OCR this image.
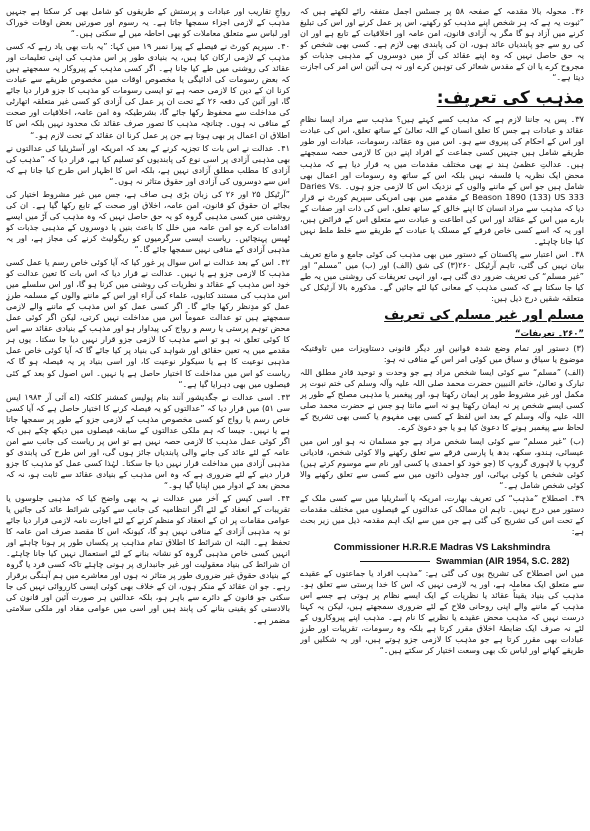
۳۶۔ محولہ بالا مقدمہ کے صفحہ ۵۸ پر جسٹس اجمل متفقہ رائے لکھتے ہیں کہ ”ثبوت یہ ہے کہ ہر شخص اپنے مذہب کو رکھنے، اس پر عمل کرنے اور اس کی تبلیغ کرنے میں آزاد ہو گا مگر یہ آزادی قانون، امن عامہ اور اخلاقیات کے تابع ہے اور ان کی رو سے جو پابندیاں عائد ہوں، ان کی پابندی بھی لازم ہے۔ کسی بھی شخص کو یہ حق حاصل نہیں کہ وہ اپنے عقائد کی آڑ میں دوسروں کے مذہبی جذبات کو مجروح کرے یا ان کے مقدس شعائر کی توہین کرے اور نہ ہی آئین اس امر کی اجازت دیتا ہے۔“

مذہب کی تعریف:

۳۷۔ پس یہ جاننا لازم ہے کہ مذہب کسے کہتے ہیں؟ مذہب سے مراد ایسا نظامِ عقائد و عبادات ہے جس کا تعلق انسان کے اللہ تعالیٰ کے ساتھ تعلق، اس کی عبادت اور اس کے احکام کی پیروی سے ہو۔ اس میں وہ عقائد، رسومات، عبادات اور طور طریقے شامل ہیں جنہیں کسی جماعت کے افراد اپنے دین کا لازمی حصہ سمجھتے ہیں۔ عدالتِ عظمیٰ ہند نے بھی مختلف مقدمات میں یہ قرار دیا ہے کہ مذہب محض ایک نظریہ یا فلسفہ نہیں بلکہ اس کے ساتھ وہ رسومات اور اعمال بھی شامل ہیں جو اس کے ماننے والوں کے نزدیک اس کا لازمی جزو ہوں۔ Daries Vs. Beason 1890 (133) US 333 کے مقدمے میں بھی امریکی سپریم کورٹ نے قرار دیا کہ مذہب سے مراد انسان کا اپنے خالق کے ساتھ تعلق، اس کی ذات اور صفات کے بارے میں اس کے عقائد اور اس کی اطاعت و عبادت سے متعلق اس کے فرائض ہیں، اور یہ کہ اسے کسی خاص فرقے کے مسلک یا عبادت کے طریقے سے خلط ملط نہیں کیا جانا چاہئے۔

۳۸۔ اس اعتبار سے پاکستان کے دستور میں بھی مذہب کی کوئی جامع و مانع تعریف بیان نہیں کی گئی، تاہم آرٹیکل ۲۶۰(۳) کی شق (الف) اور (ب) میں ”مسلم“ اور ”غیر مسلم“ کی تعریف ضرور دی گئی ہے، اور انہی تعریفات کی روشنی میں یہ طے کیا جا سکتا ہے کہ کسی مذہب کے معانی کیا لئے جائیں گے۔ مذکورہ بالا آرٹیکل کی متعلقہ شقیں درج ذیل ہیں:

مسلم اور غیر مسلم کی تعریف
”۲۶۰۔ تعریفات“

(۳) دستور اور تمام وضع شدہ قوانین اور دیگر قانونی دستاویزات میں تاوقتیکہ موضوع یا سیاق و سباق میں کوئی امر اس کے منافی نہ ہو:

(الف) ”مسلم“ سے کوئی ایسا شخص مراد ہے جو وحدت و توحید قادرِ مطلق اللہ تبارک و تعالیٰ، خاتم النبیین حضرت محمد صلی اللہ علیہ وآلہ وسلم کی ختم نبوت پر مکمل اور غیر مشروط طور پر ایمان رکھتا ہو، اور پیغمبر یا مذہبی مصلح کے طور پر کسی ایسے شخص پر نہ ایمان رکھتا ہو نہ اسے مانتا ہو جس نے حضرت محمد صلی اللہ علیہ وآلہ وسلم کے بعد اس لفظ کے کسی بھی مفہوم یا کسی بھی تشریح کے لحاظ سے پیغمبر ہونے کا دعویٰ کیا ہو یا جو دعویٰ کرے۔

(ب) ”غیر مسلم“ سے کوئی ایسا شخص مراد ہے جو مسلمان نہ ہو اور اس میں عیسائی، ہندو، سکھ، بدھ یا پارسی فرقے سے تعلق رکھنے والا کوئی شخص، قادیانی گروپ یا لاہوری گروپ کا (جو خود کو احمدی یا کسی اور نام سے موسوم کرتے ہیں) کوئی شخص یا کوئی بہائی، اور جدولی ذاتوں میں سے کسی سے تعلق رکھنے والا کوئی شخص شامل ہے۔“

۳۹۔ اصطلاح ”مذہب“ کی تعریف بھارت، امریکہ یا آسٹریلیا میں سے کسی ملک کے دستور میں درج نہیں۔ تاہم ان ممالک کی عدالتوں کے فیصلوں میں مختلف مقدمات کے تحت اس کی تشریح کی گئی ہے جن میں سے ایک اہم مقدمہ ذیل میں زیر بحث ہے:

Commissioner H.R.R.E Madras VS Lakshmindra
Swammian (AIR 1954, S.C. 282)

میں اس اصطلاح کی تشریح یوں کی گئی ہے: ”مذہب افراد یا جماعتوں کے عقیدے سے متعلق ایک معاملہ ہے، اور یہ لازمی نہیں کہ اس کا خدا پرستی سے تعلق ہو۔ مذہب کی بنیاد یقیناً عقائد یا نظریات کے ایک ایسے نظام پر ہوتی ہے جسے اس مذہب کے ماننے والے اپنی روحانی فلاح کے لئے ضروری سمجھتے ہیں، لیکن یہ کہنا درست نہیں کہ مذہب محض عقیدے یا نظریے کا نام ہے۔ مذہب اپنے پیروکاروں کے لئے نہ صرف ایک ضابطۂ اخلاق مقرر کرتا ہے بلکہ وہ رسومات، تقریبات اور طرزِ عبادات بھی مقرر کرتا ہے جو مذہب کا لازمی جزو ہوتے ہیں، اور یہ شکلیں اور طریقے کھانے اور لباس تک بھی وسعت اختیار کر سکتے ہیں۔“

رواجِ تقاریب اور عبادات و پرستش کے طریقوں کو شامل بھی کر سکتا ہے جنہیں مذہب کے لازمی اجزاء سمجھا جاتا ہے۔ یہ رسوم اور صورتیں بعض اوقات خوراک اور لباس سے متعلق معاملات کو بھی احاطہ میں لے سکتی ہیں۔“

۴۰۔ سپریم کورٹ نے فیصلے کے پیرا نمبر ۱۹ میں کہا: ”یہ بات بھی یاد رہے کہ کسی مذہب کے لازمی ارکان کیا ہیں، یہ بنیادی طور پر اس مذہب کی اپنی تعلیمات اور عقائد کی روشنی میں طے کیا جانا ہے۔ اگر کسی مذہب کے پیروکار یہ سمجھتے ہیں کہ بعض رسومات کی ادائیگی یا مخصوص اوقات میں مخصوص طریقے سے عبادت کرنا ان کے دین کا لازمی حصہ ہے تو ایسی رسومات کو مذہب کا جزو قرار دیا جائے گا، اور آئین کی دفعہ ۲۶ کے تحت ان پر عمل کی آزادی کو کسی غیر متعلقہ اتھارٹی کی مداخلت سے محفوظ رکھا جائے گا، بشرطیکہ وہ امن عامہ، اخلاقیات اور صحت کے منافی نہ ہوں۔ چنانچہ مذہب کا تصور صرف عقائد تک محدود نہیں بلکہ اس کا اطلاق ان اعمال پر بھی ہوتا ہے جن پر عمل کرنا ان عقائد کے تحت لازم ہو۔“

۴۱۔ عدالت نے اس بات کا تجزیہ کرنے کے بعد کہ امریکہ اور آسٹریلیا کی عدالتوں نے بھی مذہبی آزادی پر اسی نوع کی پابندیوں کو تسلیم کیا ہے، قرار دیا کہ ”مذہب کی آزادی کا مطلب مطلق آزادی نہیں ہے، بلکہ اس کا اظہار اس طرح کیا جانا ہے کہ اس سے دوسروں کی آزادی اور حقوق متاثر نہ ہوں۔“

”آرٹیکل ۲۵ اور ۲۶ کی زبان بڑی ہی صاف ہے، جس میں غیر مشروط اختیار کی بجائے ان حقوق کو قانون، امن عامہ، اخلاق اور صحت کے تابع رکھا گیا ہے۔ ان کی روشنی میں کسی مذہبی گروہ کو یہ حق حاصل نہیں کہ وہ مذہب کی آڑ میں ایسے اقدامات کرے جو امن عامہ میں خلل کا باعث بنیں یا دوسروں کے مذہبی جذبات کو ٹھیس پہنچائیں۔ ریاست ایسی سرگرمیوں کو ریگولیٹ کرنے کی مجاز ہے، اور یہ مذہبی آزادی کے منافی نہیں سمجھا جائے گا۔“

۴۲۔ اس کے بعد عدالت نے اس سوال پر غور کیا کہ آیا کوئی خاص رسم یا عمل کسی مذہب کا لازمی جزو ہے یا نہیں۔ عدالت نے قرار دیا کہ اس بات کا تعین عدالت کو خود اس مذہب کے عقائد و نظریات کی روشنی میں کرنا ہو گا، اور اس سلسلے میں اس مذہب کی مستند کتابوں، علماء کی آراء اور اس کے ماننے والوں کے مسلمہ طرزِ عمل کو مدِنظر رکھا جائے گا۔ اگر کسی عمل کو اس مذہب کے ماننے والے لازمی سمجھتے ہیں تو عدالت عموماً اس میں مداخلت نہیں کرتی، لیکن اگر کوئی عمل محض توہم پرستی یا رسم و رواج کی پیداوار ہو اور مذہب کے بنیادی عقائد سے اس کا کوئی تعلق نہ ہو تو اسے مذہب کا لازمی جزو قرار نہیں دیا جا سکتا۔ یوں ہر مقدمے میں یہ تعین حقائق اور شواہد کی بنیاد پر کیا جائے گا کہ آیا کوئی خاص عمل مذہبی نوعیت کا ہے یا سیکولر نوعیت کا، اور اسی بنیاد پر یہ فیصلہ ہو گا کہ ریاست کو اس میں مداخلت کا اختیار حاصل ہے یا نہیں۔ اس اصول کو بعد کے کئی فیصلوں میں بھی دہرایا گیا ہے۔“

۴۳۔ اسی عدالت نے جگدیشور آنند بنام پولیس کمشنر کلکتہ (اے آئی آر ۱۹۸۴ ایس سی ۵۱) میں قرار دیا کہ ”عدالتوں کو یہ فیصلہ کرنے کا اختیار حاصل ہے کہ آیا کسی خاص رسم یا رواج کو کسی مخصوص مذہب کے لازمی جزو کے طور پر سمجھا جاتا ہے یا نہیں۔ جیسا کہ ہم ملکی عدالتوں کے سابقہ فیصلوں میں دیکھ چکے ہیں کہ اگر کوئی عمل مذہب کا لازمی حصہ نہیں ہے تو اس پر ریاست کی جانب سے امن عامہ کے لئے عائد کی جانے والی پابندیاں جائز ہوں گی، اور اس طرح کی پابندی کو مذہبی آزادی میں مداخلت قرار نہیں دیا جا سکتا۔ لہٰذا کسی عمل کو مذہب کا جزو قرار دینے کے لئے ضروری ہے کہ وہ اس مذہب کے بنیادی عقائد سے ثابت ہو، نہ کہ محض بعد کے ادوار میں اپنایا گیا ہو۔“

۴۴۔ اسی کیس کے آخر میں عدالت نے یہ بھی واضح کیا کہ مذہبی جلوسوں یا تقریبات کے انعقاد کے لئے اگر انتظامیہ کی جانب سے کوئی شرائط عائد کی جائیں یا عوامی مقامات پر ان کے انعقاد کو منظم کرنے کے لئے اجازت نامہ لازمی قرار دیا جائے تو یہ مذہبی آزادی کے منافی نہیں ہو گا، کیونکہ اس کا مقصد صرف امن عامہ کا تحفظ ہے۔ البتہ ان شرائط کا اطلاق تمام مذاہب پر یکساں طور پر ہونا چاہئے اور انہیں کسی خاص مذہبی گروہ کو نشانہ بنانے کے لئے استعمال نہیں کیا جانا چاہئے۔ ان شرائط کی بنیاد معقولیت اور غیر جانبداری پر ہونی چاہئے تاکہ کسی فرد یا گروہ کے بنیادی حقوق غیر ضروری طور پر متاثر نہ ہوں اور معاشرے میں ہم آہنگی برقرار رہے۔ جو ان عقائد کے منکر ہوں، ان کے خلاف بھی کوئی ایسی کارروائی نہیں کی جا سکتی جو قانون کے دائرے سے باہر ہو، بلکہ عدالتیں ہر صورت آئین اور قانون کی بالادستی کو یقینی بنانے کی پابند ہیں اور اسی میں عوامی مفاد اور ملکی سلامتی مضمر ہے۔
